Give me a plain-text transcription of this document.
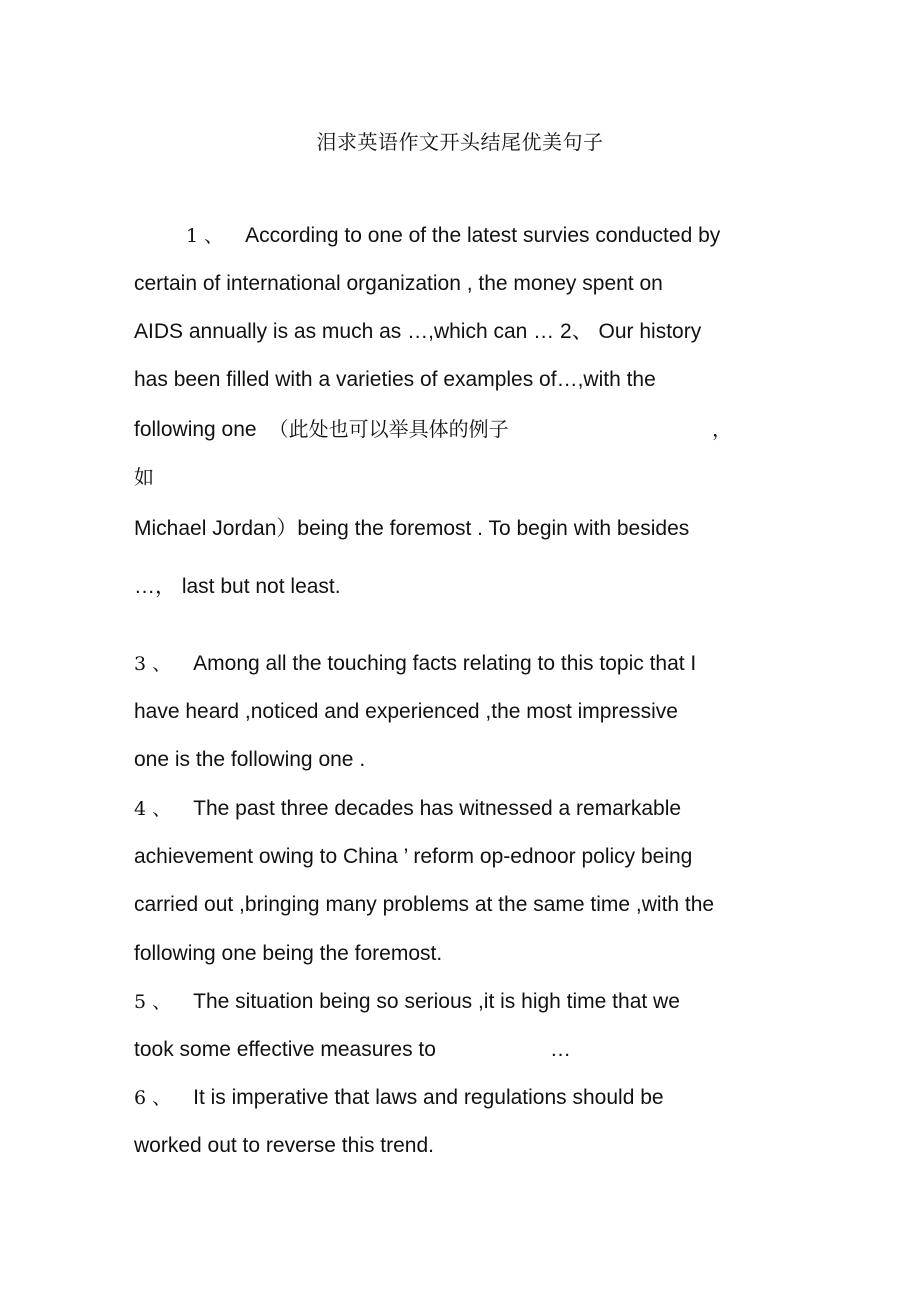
泪求英语作文开头结尾优美句子
1 、 According to one of the latest survies conducted by
certain of international organization , the money spent on
AIDS annually is as much as …,which can … 2、 Our history
has been filled with a varieties of examples of…,with the
following one （此处也可以举具体的例子	，
如
Michael Jordan）being the foremost . To begin with besides
…， last but not least.
3 、 Among all the touching facts relating to this topic that I
have heard ,noticed and experienced ,the most impressive
one is the following one .
4 、 The past three decades has witnessed a remarkable
achievement owing to China ’ reform op-ednoor policy being
carried out ,bringing many problems at the same time ,with the
following one being the foremost.
5 、 The situation being so serious ,it is high time that we
took some effective measures to	…
6 、 It is imperative that laws and regulations should be
worked out to reverse this trend.
